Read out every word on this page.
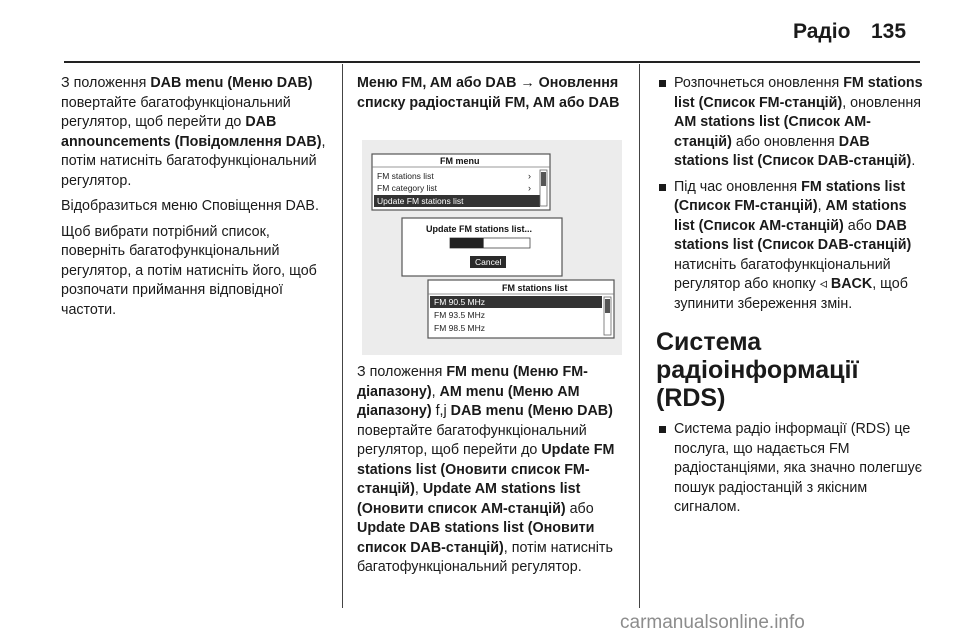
Радіо 135

З положення DAB menu (Меню DAB) повертайте багатофункціональний регулятор, щоб перейти до DAB announcements (Повідомлення DAB), потім натисніть багатофункціональний регулятор.

Відобразиться меню Сповіщення DAB.

Щоб вибрати потрібний список, поверніть багатофункціональний регулятор, а потім натисніть його, щоб розпочати приймання відповідної частоти.

Меню FM, AM або DAB → Оновлення списку радіостанцій FM, AM або DAB

FM menu
FM stations list	›
FM category list	›
Update FM stations list
Update FM stations list...
Cancel
FM stations list
FM 90.5 MHz
FM 93.5 MHz
FM 98.5 MHz

З положення FM menu (Меню FM-діапазону), AM menu (Меню AM діапазону) f,j DAB menu (Меню DAB) повертайте багатофункціональний регулятор, щоб перейти до Update FM stations list (Оновити список FM-станцій), Update AM stations list (Оновити список AM-станцій) або Update DAB stations list (Оновити список DAB-станцій), потім натисніть багатофункціональний регулятор.

Розпочнеться оновлення FM stations list (Список FM-станцій), оновлення AM stations list (Список AM-станцій) або оновлення DAB stations list (Список DAB-станцій).
Під час оновлення FM stations list (Список FM-станцій), AM stations list (Список AM-станцій) або DAB stations list (Список DAB-станцій) натисніть багатофункціональний регулятор або кнопку ◃ BACK, щоб зупинити збереження змін.
Система радіоінформації (RDS)
Система радіо інформації (RDS) це послуга, що надається FM радіостанціями, яка значно полегшує пошук радіостанцій з якісним сигналом.
carmanualsonline.info
